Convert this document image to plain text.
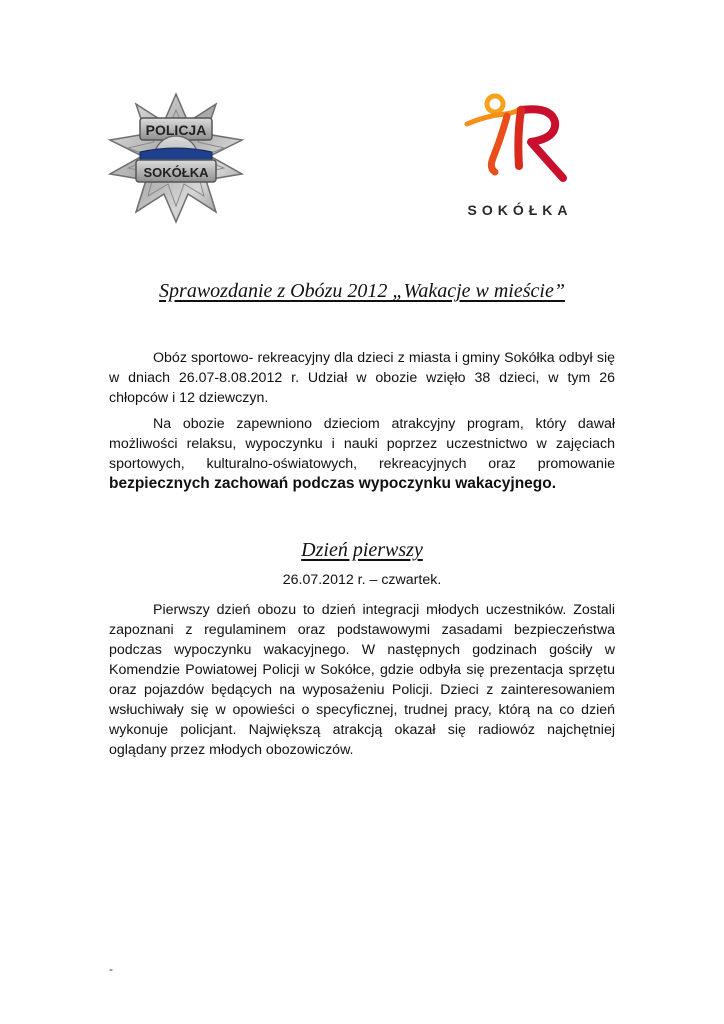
POLICJA
SOKÓŁKA
SOKÓŁKA
Sprawozdanie z Obózu 2012 „Wakacje w mieście”

Obóz sportowo- rekreacyjny dla dzieci z miasta i gminy Sokółka odbył się w dniach 26.07-8.08.2012 r. Udział w obozie wzięło 38 dzieci, w tym 26 chłopców i 12 dziewczyn.

Na obozie zapewniono dzieciom atrakcyjny program, który dawał możliwości relaksu, wypoczynku i nauki poprzez uczestnictwo w zajęciach sportowych, kulturalno-oświatowych, rekreacyjnych oraz promowanie bezpiecznych zachowań podczas wypoczynku wakacyjnego.

Dzień pierwszy

26.07.2012 r. – czwartek.

Pierwszy dzień obozu to dzień integracji młodych uczestników. Zostali zapoznani z regulaminem oraz podstawowymi zasadami bezpieczeństwa podczas wypoczynku wakacyjnego. W następnych godzinach gościły w Komendzie Powiatowej Policji w Sokółce, gdzie odbyła się prezentacja sprzętu oraz pojazdów będących na wyposażeniu Policji. Dzieci z zainteresowaniem wsłuchiwały się w opowieści o specyficznej, trudnej pracy, którą na co dzień wykonuje policjant. Największą atrakcją okazał się radiowóz najchętniej oglądany przez młodych obozowiczów.

-
